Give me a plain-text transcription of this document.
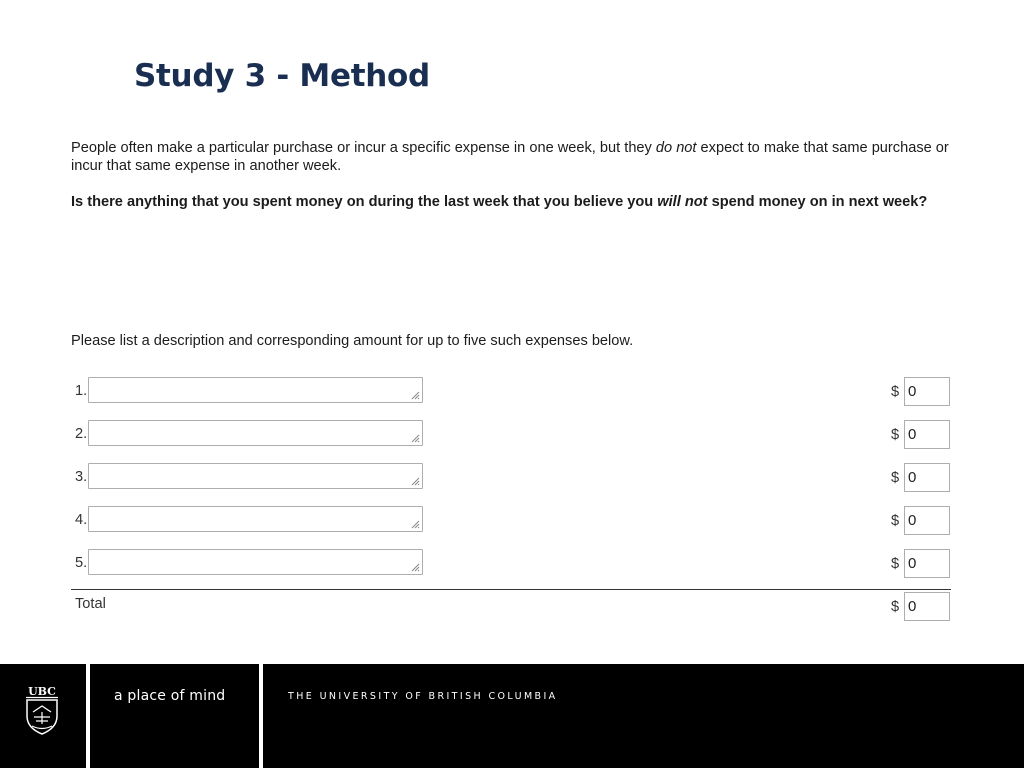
Study 3 - Method
People often make a particular purchase or incur a specific expense in one week, but they do not expect to make that same purchase or incur that same expense in another week.
Is there anything that you spent money on during the last week that you believe you will not spend money on in next week?
Please list a description and corresponding amount for up to five such expenses below.
1.	$ 0
2.	$ 0
3.	$ 0
4.	$ 0
5.	$ 0
Total	$ 0
UBC	a place of mind	THE UNIVERSITY OF BRITISH COLUMBIA
